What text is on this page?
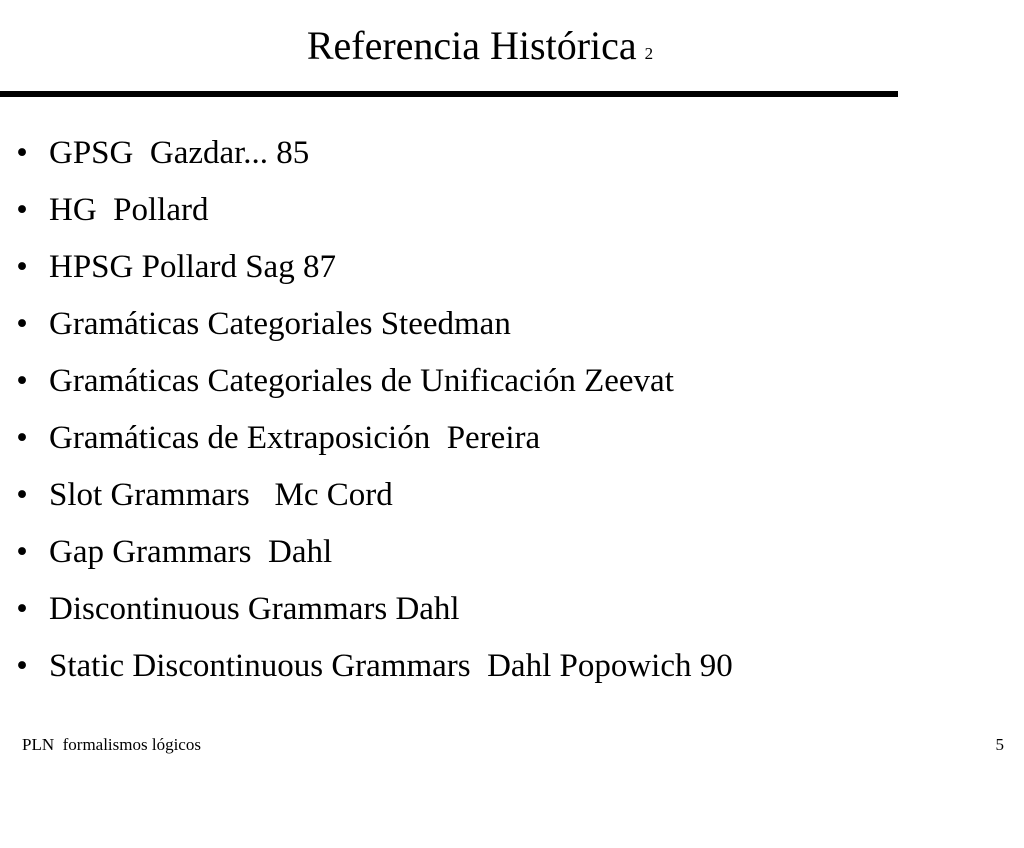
Referencia Histórica 2

•

GPSG  Gazdar... 85

•

HG  Pollard

•

HPSG Pollard Sag 87

•

Gramáticas Categoriales Steedman

•

Gramáticas Categoriales de Unificación Zeevat

•

Gramáticas de Extraposición  Pereira

•

Slot Grammars   Mc Cord

•

Gap Grammars  Dahl

•

Discontinuous Grammars Dahl

•

Static Discontinuous Grammars  Dahl Popowich 90

PLN  formalismos lógicos	5
